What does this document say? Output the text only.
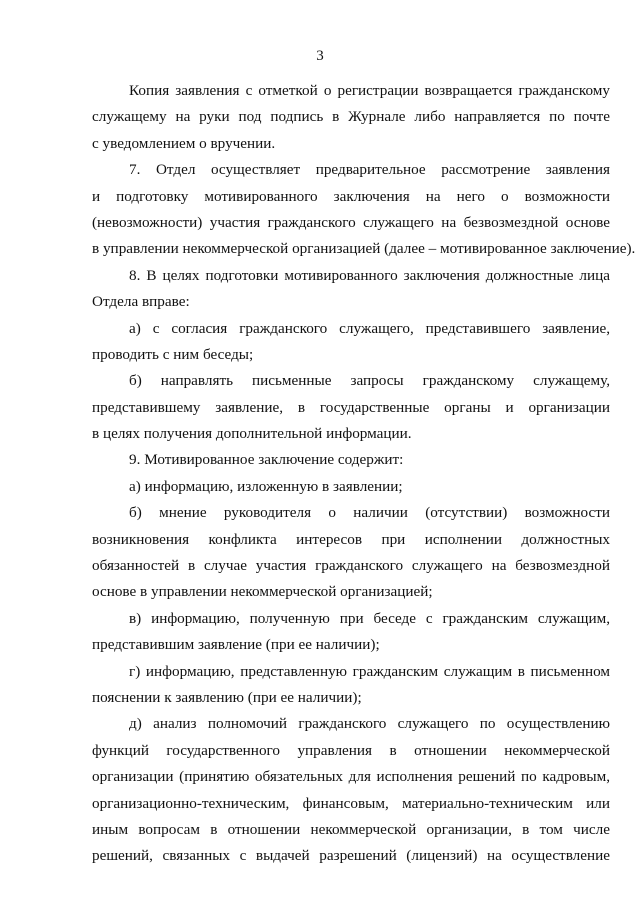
3
Копия заявления с отметкой о регистрации возвращается гражданскому
служащему на руки под подпись в Журнале либо направляется по почте
с уведомлением о вручении.
7. Отдел осуществляет предварительное рассмотрение заявления
и подготовку мотивированного заключения на него о возможности
(невозможности) участия гражданского служащего на безвозмездной основе
в управлении некоммерческой организацией (далее – мотивированное заключение).
8. В целях подготовки мотивированного заключения должностные лица
Отдела вправе:
а) с согласия гражданского служащего, представившего заявление,
проводить с ним беседы;
б) направлять письменные запросы гражданскому служащему,
представившему заявление, в государственные органы и организации
в целях получения дополнительной информации.
9. Мотивированное заключение содержит:
а) информацию, изложенную в заявлении;
б) мнение руководителя о наличии (отсутствии) возможности
возникновения конфликта интересов при исполнении должностных
обязанностей в случае участия гражданского служащего на безвозмездной
основе в управлении некоммерческой организацией;
в) информацию, полученную при беседе с гражданским служащим,
представившим заявление (при ее наличии);
г) информацию, представленную гражданским служащим в письменном
пояснении к заявлению (при ее наличии);
д) анализ полномочий гражданского служащего по осуществлению
функций государственного управления в отношении некоммерческой
организации (принятию обязательных для исполнения решений по кадровым,
организационно-техническим, финансовым, материально-техническим или
иным вопросам в отношении некоммерческой организации, в том числе
решений, связанных с выдачей разрешений (лицензий) на осуществление
